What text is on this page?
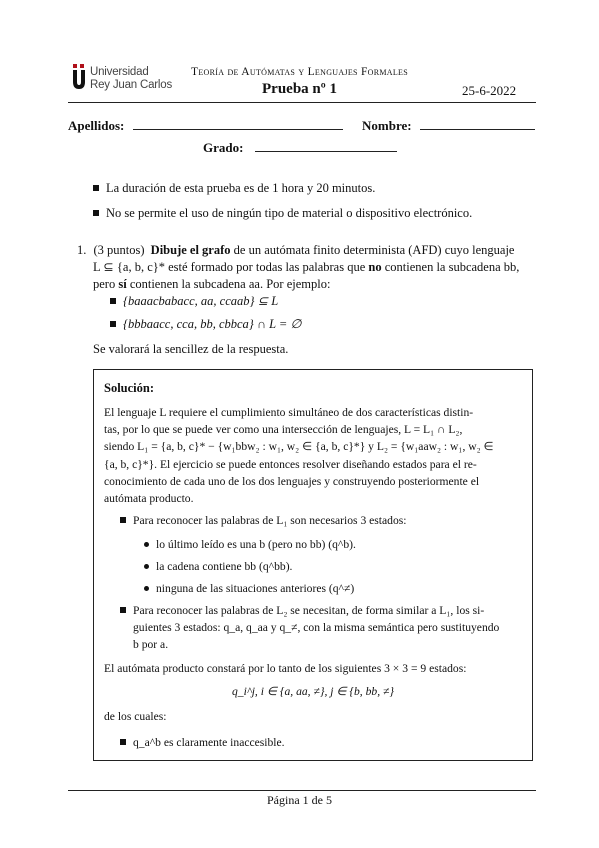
Universidad
Rey Juan Carlos
Teoría de Autómatas y Lenguajes Formales
Prueba nº 1	25-6-2022
Apellidos:	Nombre:
Grado:
La duración de esta prueba es de 1 hora y 20 minutos.
No se permite el uso de ningún tipo de material o dispositivo electrónico.
1. (3 puntos) Dibuje el grafo de un autómata finito determinista (AFD) cuyo lenguaje
L ⊆ {a, b, c}* esté formado por todas las palabras que no contienen la subcadena bb,
pero sí contienen la subcadena aa. Por ejemplo:
{baaacbabacc, aa, ccaab} ⊆ L
{bbbaacc, cca, bb, cbbca} ∩ L = ∅
Se valorará la sencillez de la respuesta.
Solución:
El lenguaje L requiere el cumplimiento simultáneo de dos características distin-
tas, por lo que se puede ver como una intersección de lenguajes, L = L₁ ∩ L₂,
siendo L₁ = {a, b, c}* − {w₁bbw₂ : w₁, w₂ ∈ {a, b, c}*} y L₂ = {w₁aaw₂ : w₁, w₂ ∈
{a, b, c}*}. El ejercicio se puede entonces resolver diseñando estados para el re-
conocimiento de cada uno de los dos lenguajes y construyendo posteriormente el
autómata producto.
Para reconocer las palabras de L₁ son necesarios 3 estados:
lo último leído es una b (pero no bb) (q^b).
la cadena contiene bb (q^bb).
ninguna de las situaciones anteriores (q^≠)
Para reconocer las palabras de L₂ se necesitan, de forma similar a L₁, los si-
guientes 3 estados: q_a, q_aa y q_≠, con la misma semántica pero sustituyendo
b por a.
El autómata producto constará por lo tanto de los siguientes 3 × 3 = 9 estados:
q_i^j, i ∈ {a, aa, ≠}, j ∈ {b, bb, ≠}
de los cuales:
q_a^b es claramente inaccesible.
Página 1 de 5
